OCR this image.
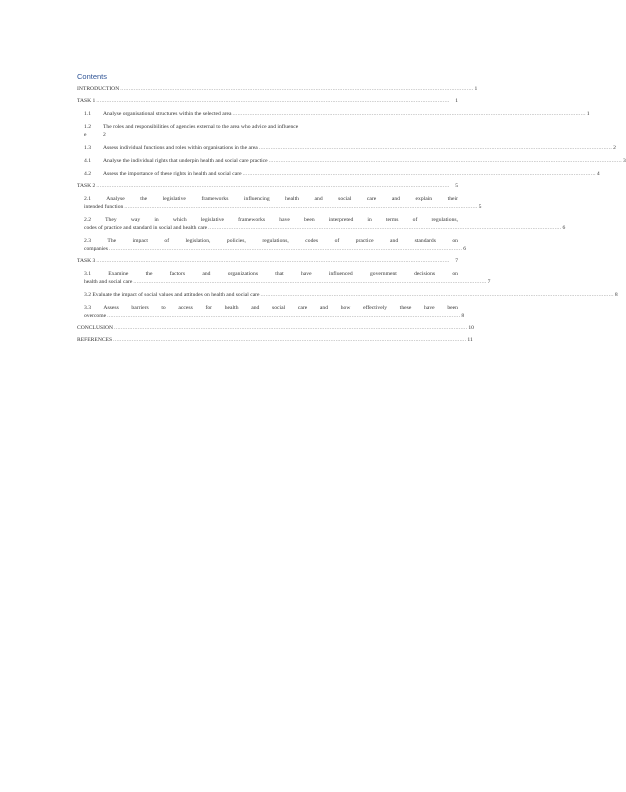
Contents
INTRODUCTION ................................................................................................................................................................................................................ 1
TASK 1 ................................................................................................................................................................................................................ 1
1.1 Analyse organisational structures within the selected area ................................................................................................................................................................................................................ 1
1.2 The roles and responsibilities of agencies external to the area who advice and influence
e	2
1.3 Assess individual functions and roles within organisations in the area ................................................................................................................................................................................................................ 2
4.1 Analyse the individual rights that underpin health and social care practice ................................................................................................................................................................................................................ 3
4.2 Assess the importance of these rights in health and social care ................................................................................................................................................................................................................ 4
TASK 2 ................................................................................................................................................................................................................ 5
2.1 Analyse the legislative frameworks influencing health and social care and explain their
intended function ................................................................................................................................................................................................................ 5
2.2 They way in which legislative frameworks have been interpreted in terms of regulations,
codes of practice and standard in social and health care ................................................................................................................................................................................................................ 6
2.3 The impact of legislation, policies, regulations, codes of practice and standards on
companies ................................................................................................................................................................................................................ 6
TASK 3 ................................................................................................................................................................................................................ 7
3.1 Examine the factors and organizations that have influenced government decisions on
health and social care ................................................................................................................................................................................................................ 7
3.2 Evaluate the impact of social values and attitudes on health and social care ................................................................................................................................................................................................................ 8
3.3 Assess barriers to access for health and social care and how effectively these have been
overcome ................................................................................................................................................................................................................ 8
CONCLUSION ................................................................................................................................................................................................................ 10
REFERENCES ................................................................................................................................................................................................................ 11
